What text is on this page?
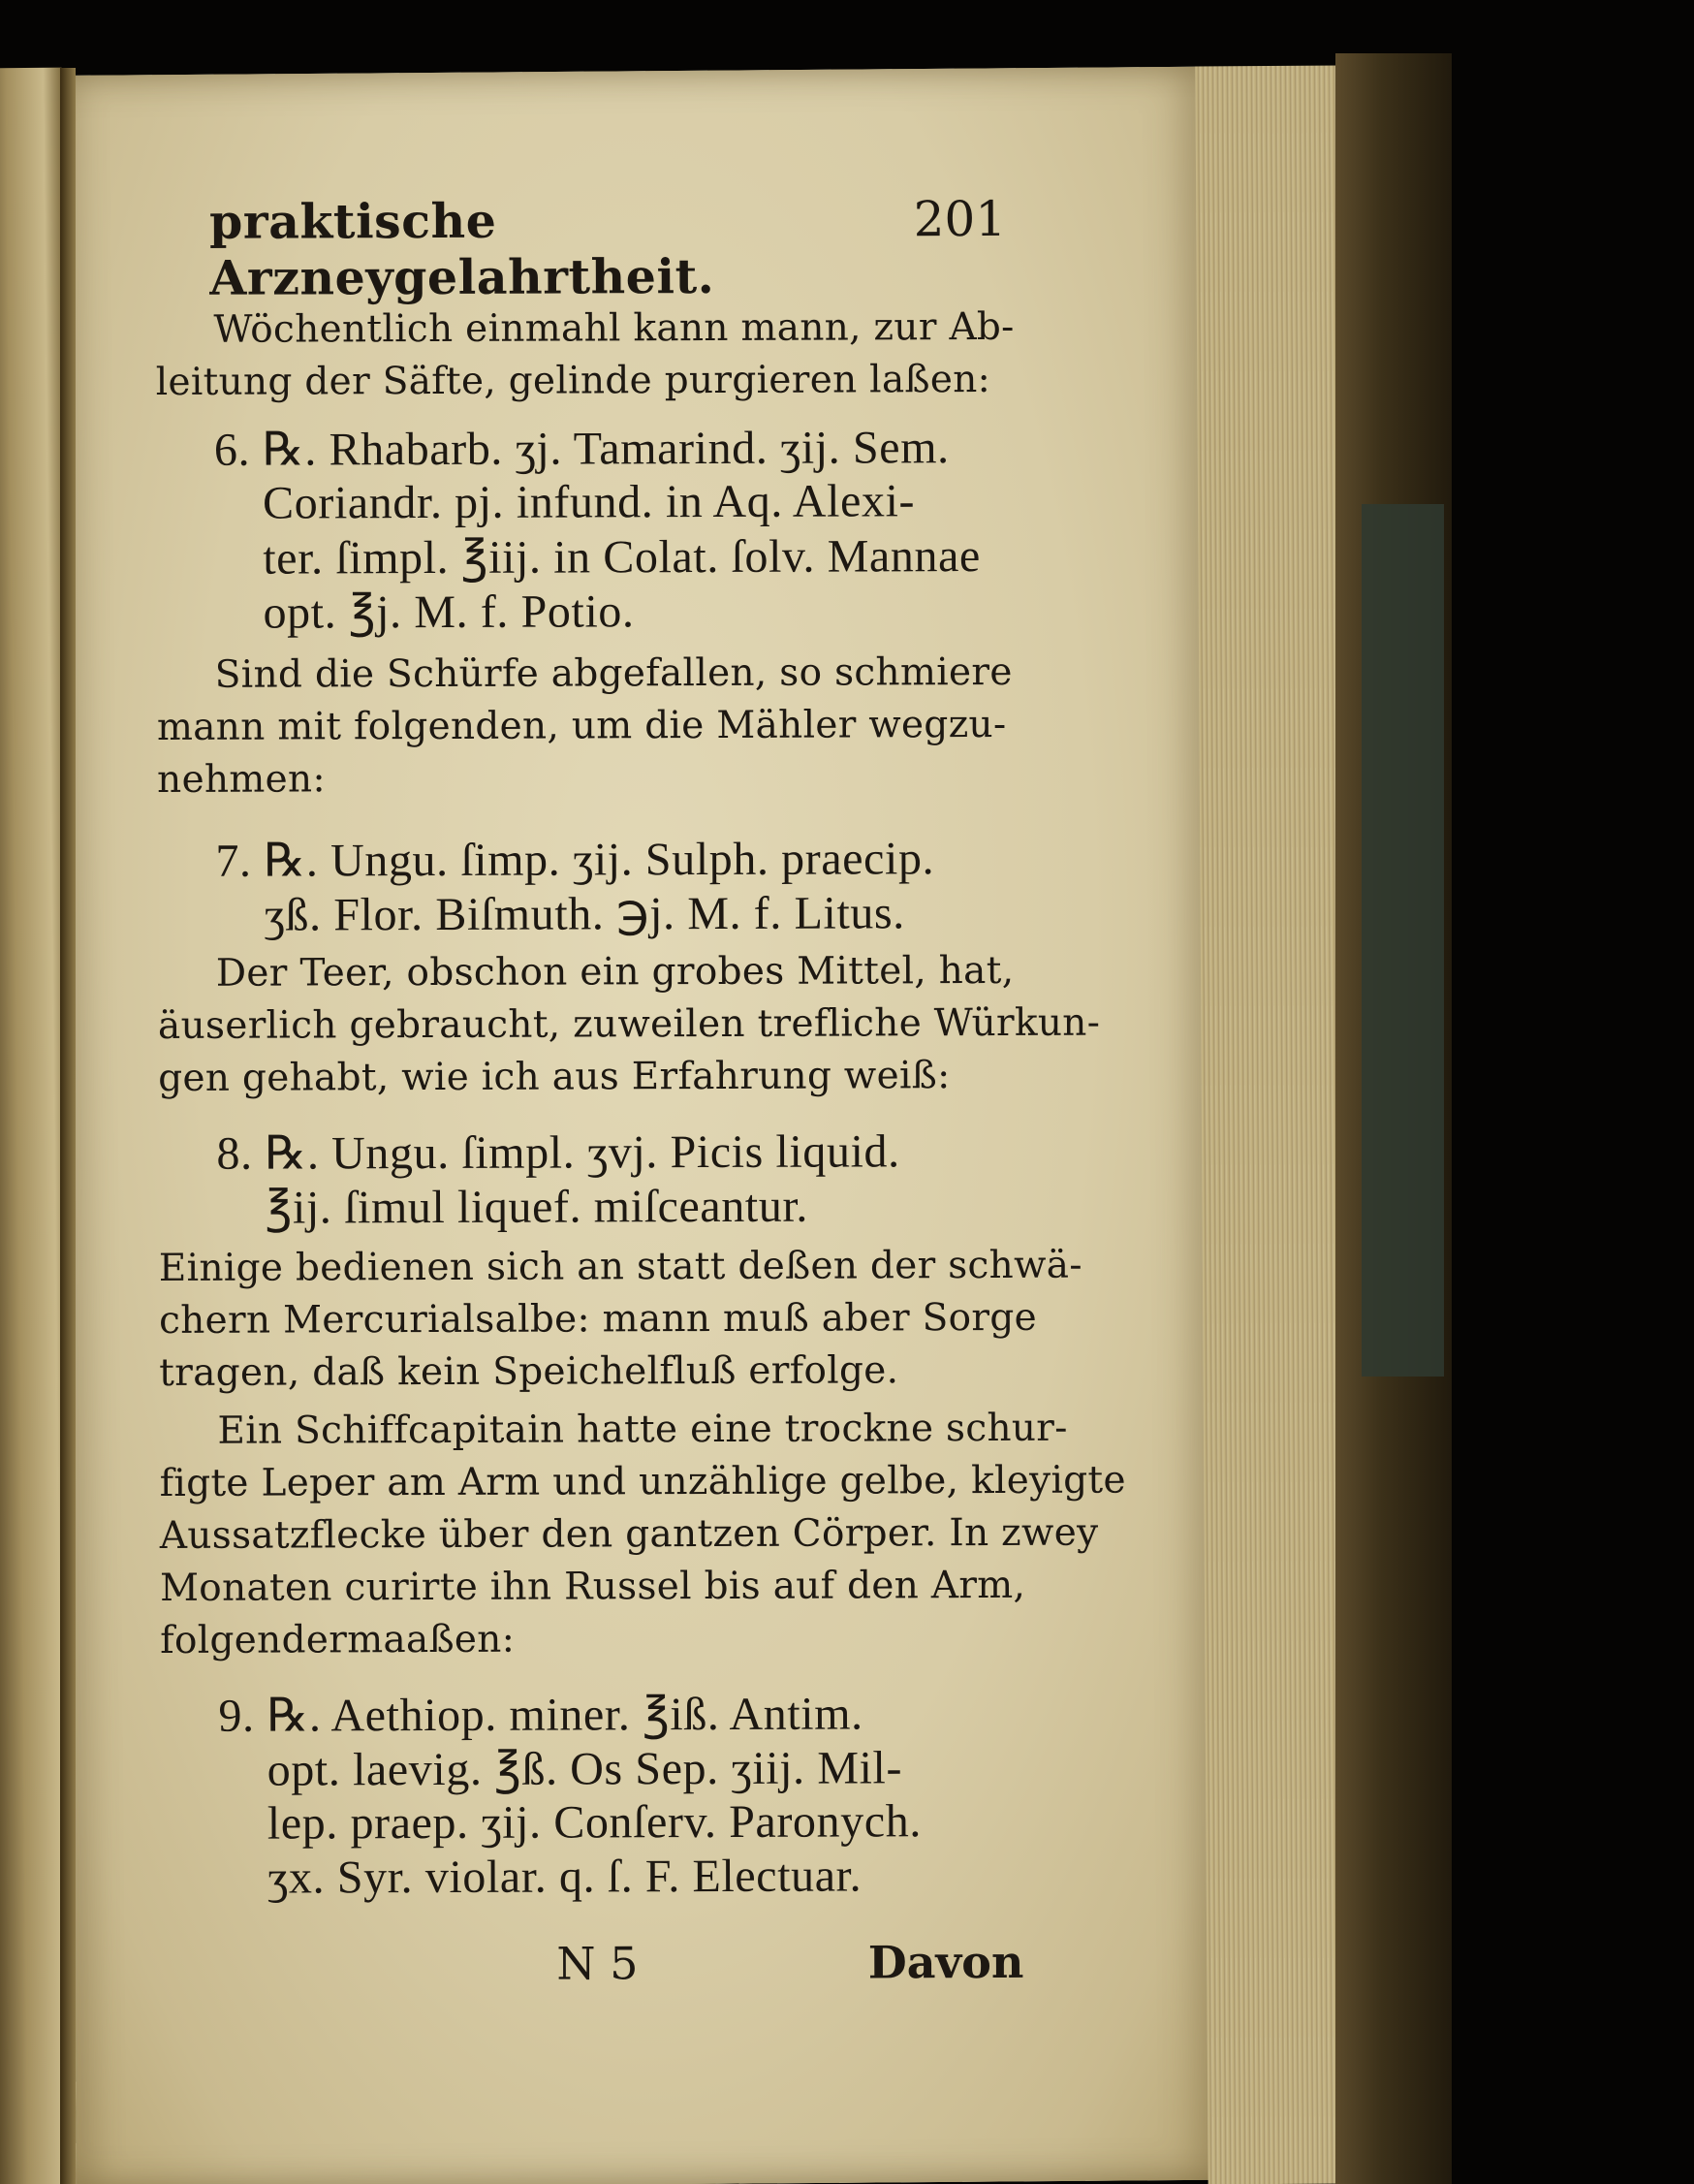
praktische Arzneygelahrtheit.
201
Wöchentlich einmahl kann mann, zur Ab-
leitung der Säfte, gelinde purgieren laßen:
6. ℞. Rhabarb. ʒj. Tamarind. ʒij. Sem.
Coriandr. pj. infund. in Aq. Alexi-
ter. ſimpl. ℥iij. in Colat. ſolv. Mannae
opt. ℥j. M. f. Potio.
Sind die Schürfe abgefallen, so schmiere
mann mit folgenden, um die Mähler wegzu-
nehmen:
7. ℞. Ungu. ſimp. ʒij. Sulph. praecip.
ʒß. Flor. Biſmuth. ℈j. M. f. Litus.
Der Teer, obschon ein grobes Mittel, hat,
äuserlich gebraucht, zuweilen trefliche Würkun-
gen gehabt, wie ich aus Erfahrung weiß:
8. ℞. Ungu. ſimpl. ʒvj. Picis liquid.
℥ij. ſimul liquef. miſceantur.
Einige bedienen sich an statt deßen der schwä-
chern Mercurialsalbe: mann muß aber Sorge
tragen, daß kein Speichelfluß erfolge.
Ein Schiffcapitain hatte eine trockne schur-
figte Leper am Arm und unzählige gelbe, kleyigte
Aussatzflecke über den gantzen Cörper. In zwey
Monaten curirte ihn Russel bis auf den Arm,
folgendermaaßen:
9. ℞. Aethiop. miner. ℥iß. Antim.
opt. laevig. ℥ß. Os Sep. ʒiij. Mil-
lep. praep. ʒij. Conſerv. Paronych.
ʒx. Syr. violar. q. ſ. F. Electuar.
N 5	Davon
